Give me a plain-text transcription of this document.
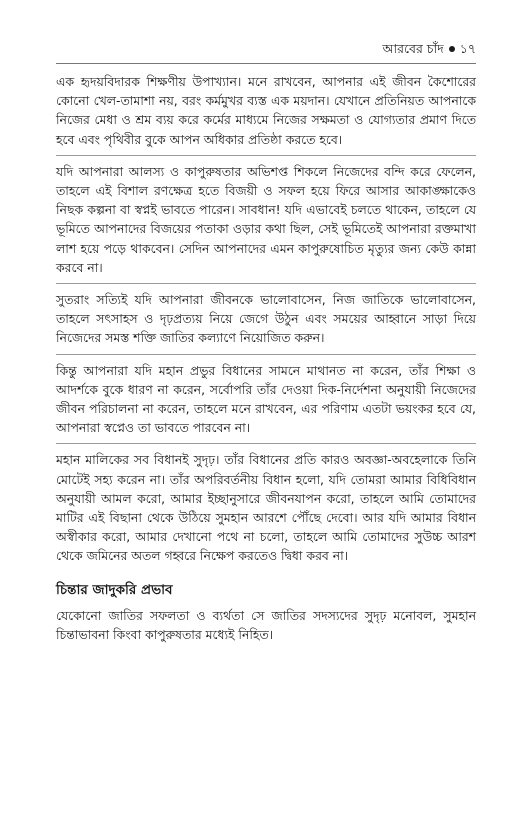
আরবের চাঁদ ১৭

এক হৃদয়বিদারক শিক্ষণীয় উপাখ্যান। মনে রাখবেন, আপনার এই জীবন কৈশোরের কোনো খেল-তামাশা নয়, বরং কর্মমুখর ব্যস্ত এক ময়দান। যেখানে প্রতিনিয়ত আপনাকে নিজের মেধা ও শ্রম ব্যয় করে কর্মের মাধ্যমে নিজের সক্ষমতা ও যোগ্যতার প্রমাণ দিতে হবে এবং পৃথিবীর বুকে আপন অধিকার প্রতিষ্ঠা করতে হবে।

যদি আপনারা আলস্য ও কাপুরুষতার অভিশপ্ত শিকলে নিজেদের বন্দি করে ফেলেন, তাহলে এই বিশাল রণক্ষেত্র হতে বিজয়ী ও সফল হয়ে ফিরে আসার আকাঙ্ক্ষাকেও নিছক কল্পনা বা স্বপ্নই ভাবতে পারেন। সাবধান! যদি এভাবেই চলতে থাকেন, তাহলে যে ভূমিতে আপনাদের বিজয়ের পতাকা ওড়ার কথা ছিল, সেই ভূমিতেই আপনারা রক্তমাখা লাশ হয়ে পড়ে থাকবেন। সেদিন আপনাদের এমন কাপুরুষোচিত মৃত্যুর জন্য কেউ কান্না করবে না।

সুতরাং সত্যিই যদি আপনারা জীবনকে ভালোবাসেন, নিজ জাতিকে ভালোবাসেন, তাহলে সৎসাহস ও দৃঢ়প্রত্যয় নিয়ে জেগে উঠুন এবং সময়ের আহ্বানে সাড়া দিয়ে নিজেদের সমস্ত শক্তি জাতির কল্যাণে নিয়োজিত করুন।

কিন্তু আপনারা যদি মহান প্রভুর বিধানের সামনে মাথানত না করেন, তাঁর শিক্ষা ও আদর্শকে বুকে ধারণ না করেন, সর্বোপরি তাঁর দেওয়া দিক-নির্দেশনা অনুযায়ী নিজেদের জীবন পরিচালনা না করেন, তাহলে মনে রাখবেন, এর পরিণাম এতটা ভয়ংকর হবে যে, আপনারা স্বপ্নেও তা ভাবতে পারবেন না।

মহান মালিকের সব বিধানই সুদৃঢ়। তাঁর বিধানের প্রতি কারও অবজ্ঞা-অবহেলাকে তিনি মোটেই সহ্য করেন না। তাঁর অপরিবর্তনীয় বিধান হলো, যদি তোমরা আমার বিধিবিধান অনুযায়ী আমল করো, আমার ইচ্ছানুসারে জীবনযাপন করো, তাহলে আমি তোমাদের মাটির এই বিছানা থেকে উঠিয়ে সুমহান আরশে পৌঁছে দেবো। আর যদি আমার বিধান অস্বীকার করো, আমার দেখানো পথে না চলো, তাহলে আমি তোমাদের সুউচ্চ আরশ থেকে জমিনের অতল গহ্বরে নিক্ষেপ করতেও দ্বিধা করব না।

চিন্তার জাদুকরি প্রভাব

যেকোনো জাতির সফলতা ও ব্যর্থতা সে জাতির সদস্যদের সুদৃঢ় মনোবল, সুমহান চিন্তাভাবনা কিংবা কাপুরুষতার মধ্যেই নিহিত।
